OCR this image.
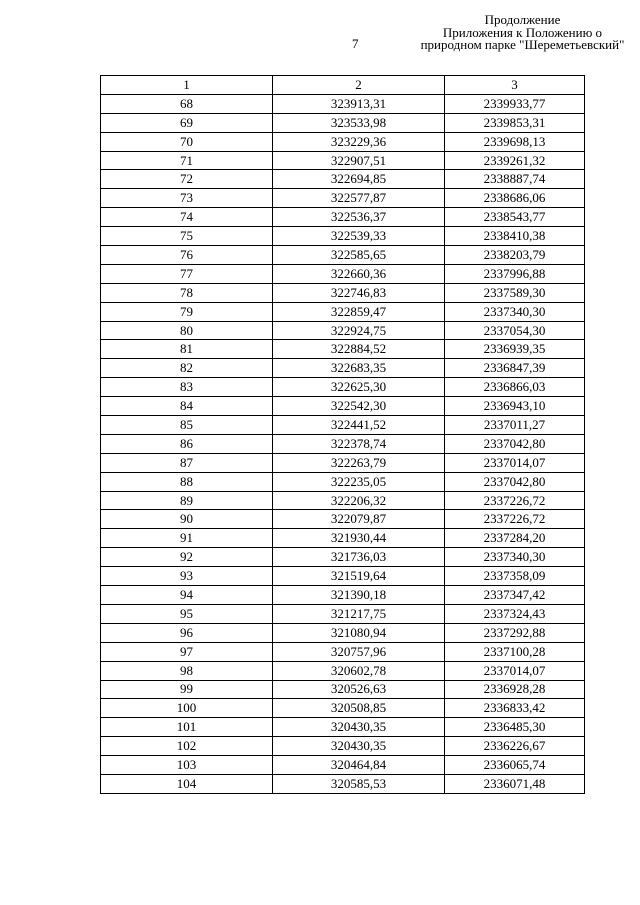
7
Продолжение
Приложения к Положению о
природном парке "Шереметьевский"
1	2	3
68	323913,31	2339933,77
69	323533,98	2339853,31
70	323229,36	2339698,13
71	322907,51	2339261,32
72	322694,85	2338887,74
73	322577,87	2338686,06
74	322536,37	2338543,77
75	322539,33	2338410,38
76	322585,65	2338203,79
77	322660,36	2337996,88
78	322746,83	2337589,30
79	322859,47	2337340,30
80	322924,75	2337054,30
81	322884,52	2336939,35
82	322683,35	2336847,39
83	322625,30	2336866,03
84	322542,30	2336943,10
85	322441,52	2337011,27
86	322378,74	2337042,80
87	322263,79	2337014,07
88	322235,05	2337042,80
89	322206,32	2337226,72
90	322079,87	2337226,72
91	321930,44	2337284,20
92	321736,03	2337340,30
93	321519,64	2337358,09
94	321390,18	2337347,42
95	321217,75	2337324,43
96	321080,94	2337292,88
97	320757,96	2337100,28
98	320602,78	2337014,07
99	320526,63	2336928,28
100	320508,85	2336833,42
101	320430,35	2336485,30
102	320430,35	2336226,67
103	320464,84	2336065,74
104	320585,53	2336071,48
